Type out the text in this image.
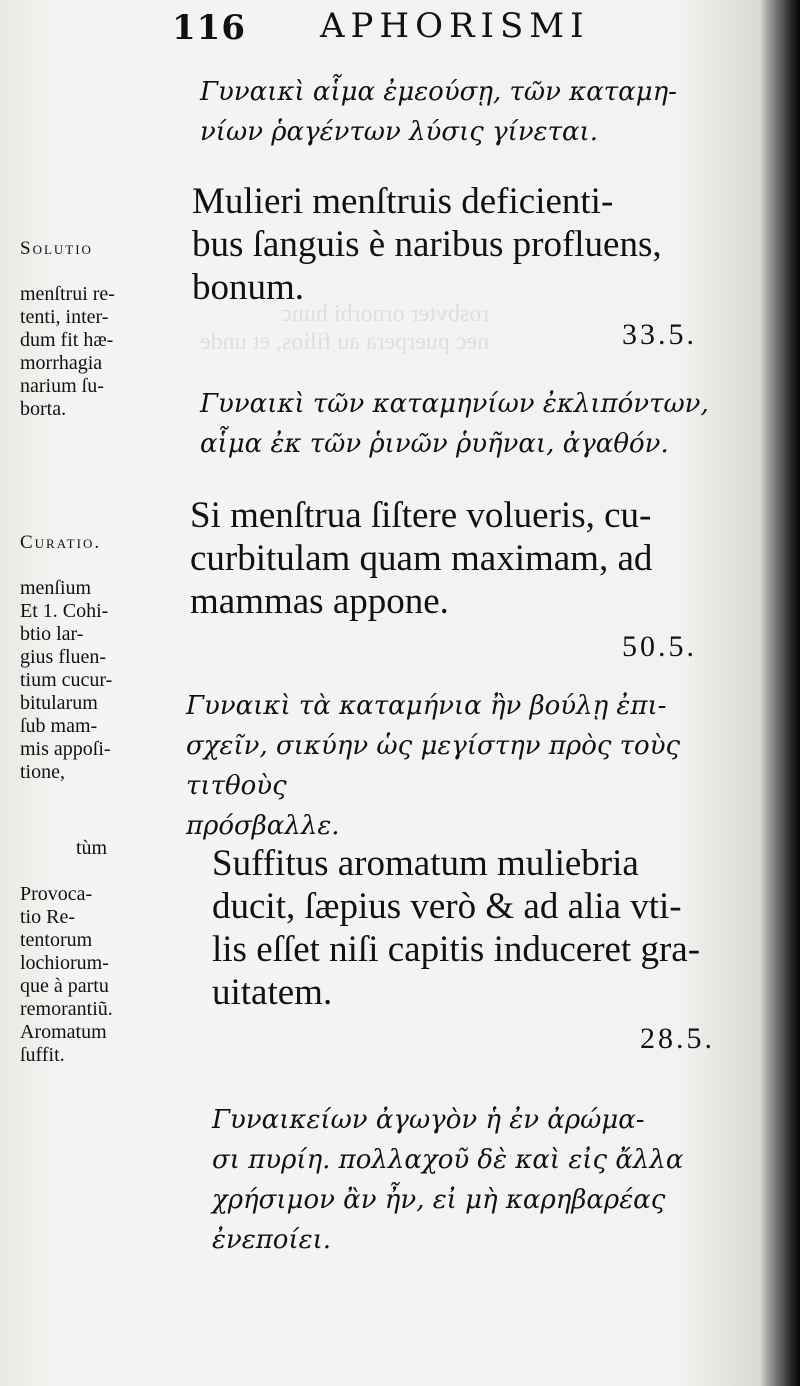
rosbvter ornorbi hunc
nec puerpera au filios, et unde
116 APHORISMI
Γυναικὶ αἷμα ἐμεούσῃ, τῶν καταμη-
νίων ῥαγέντων λύσις γίνεται.
Mulieri menſtruis deficienti-
bus ſanguis è naribus profluens,
bonum.
33.5.
Γυναικὶ τῶν καταμηνίων ἐκλιπόντων,
αἷμα ἐκ τῶν ῥινῶν ῥυῆναι, ἀγαθόν.
Si menſtrua ſiſtere volueris, cu-
curbitulam quam maximam, ad
mammas appone.
50.5.
Γυναικὶ τὰ καταμήνια ἢν βούλῃ ἐπι-
σχεῖν, σικύην ὡς μεγίστην πρὸς τοὺς τιτθοὺς
πρόσβαλλε.
Suffitus aromatum muliebria
ducit, ſæpius verò & ad alia vti-
lis eſſet niſi capitis induceret gra-
uitatem.
28.5.
Γυναικείων ἀγωγὸν ἡ ἐν ἀρώμα-
σι πυρίη. πολλαχοῦ δὲ καὶ εἰς ἄλλα
χρήσιμον ἂν ἦν, εἰ μὴ καρηβαρέας
ἐνεποίει.

Solutio

menſtrui re-
tenti, inter-
dum fit hæ-
morrhagia
narium ſu-
borta.

Curatio.

menſium
Et 1. Cohi-
btio lar-
gius fluen-
tium cucur-
bitularum
ſub mam-
mis appoſi-
tione,

tùm

Provoca-
tio Re-
tentorum
lochiorum-
que à partu
remorantiũ.
Aromatum
ſuffit.
